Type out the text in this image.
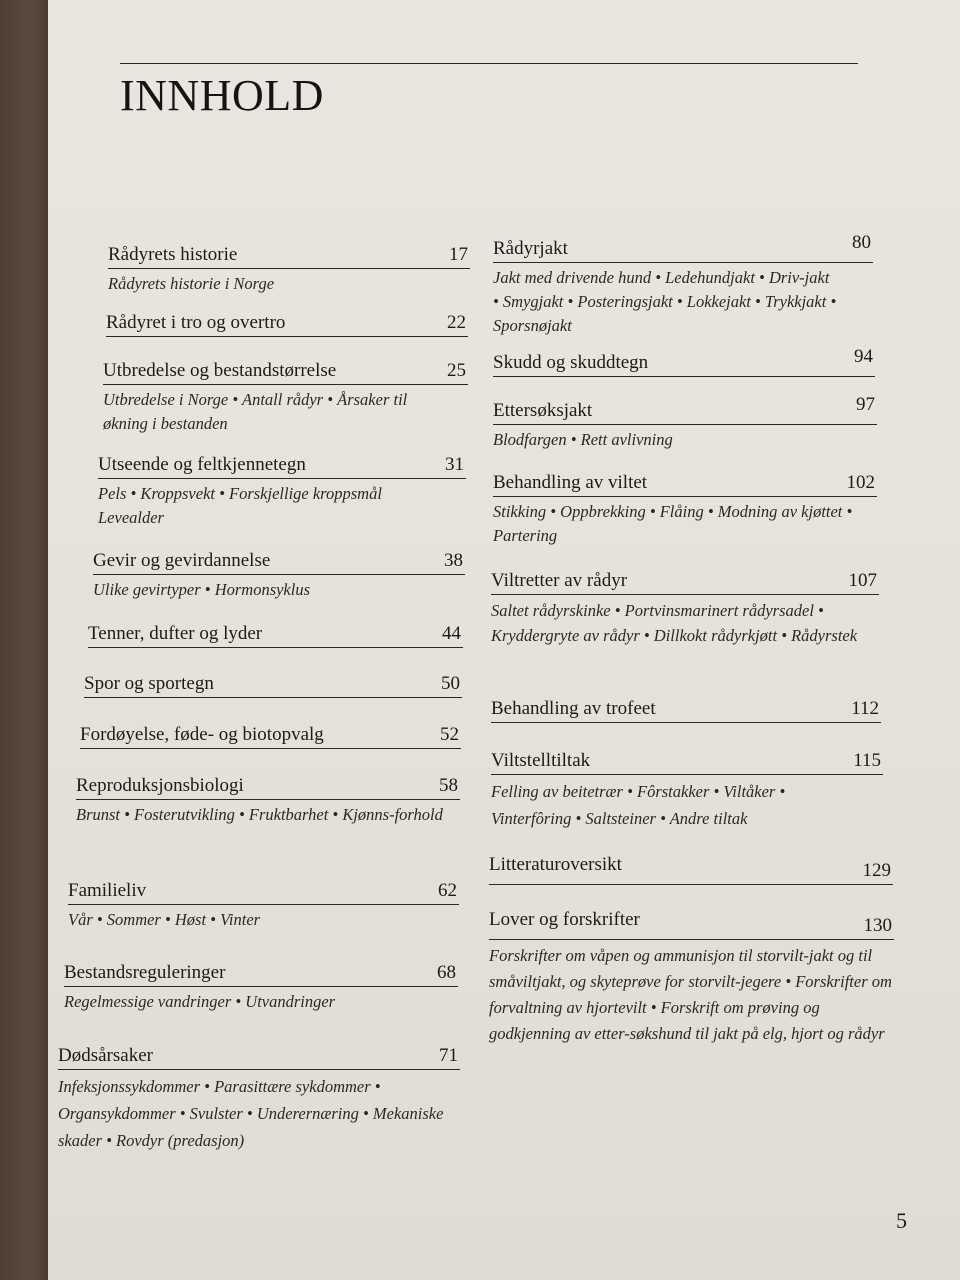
INNHOLD
Rådyrets historie	17
Rådyrets historie i Norge
Rådyret i tro og overtro	22
Utbredelse og bestandstørrelse	25
Utbredelse i Norge • Antall rådyr • Årsaker til økning i bestanden
Utseende og feltkjennetegn	31
Pels • Kroppsvekt • Forskjellige kroppsmål Levealder
Gevir og gevirdannelse	38
Ulike gevirtyper • Hormonsyklus
Tenner, dufter og lyder	44
Spor og sportegn	50
Fordøyelse, føde- og biotopvalg	52
Reproduksjonsbiologi	58
Brunst • Fosterutvikling • Fruktbarhet • Kjønns-forhold
Familieliv	62
Vår • Sommer • Høst • Vinter
Bestandsreguleringer	68
Regelmessige vandringer • Utvandringer
Dødsårsaker	71
Infeksjonssykdommer • Parasittære sykdommer • Organsykdommer • Svulster • Underernæring • Mekaniske skader • Rovdyr (predasjon)
Rådyrjakt	80
Jakt med drivende hund • Ledehundjakt • Driv-jakt • Smygjakt • Posteringsjakt • Lokkejakt • Trykkjakt • Sporsnøjakt
Skudd og skuddtegn	94
Ettersøksjakt	97
Blodfargen • Rett avlivning
Behandling av viltet	102
Stikking • Oppbrekking • Flåing • Modning av kjøttet • Partering
Viltretter av rådyr	107
Saltet rådyrskinke • Portvinsmarinert rådyrsadel • Kryddergryte av rådyr • Dillkokt rådyrkjøtt • Rådyrstek
Behandling av trofeet	112
Viltstelltiltak	115
Felling av beitetrær • Fôrstakker • Viltåker • Vinterfôring • Saltsteiner • Andre tiltak
Litteraturoversikt	129
Lover og forskrifter	130
Forskrifter om våpen og ammunisjon til storvilt-jakt og til småviltjakt, og skyteprøve for storvilt-jegere • Forskrifter om forvaltning av hjortevilt • Forskrift om prøving og godkjenning av etter-søkshund til jakt på elg, hjort og rådyr
5
